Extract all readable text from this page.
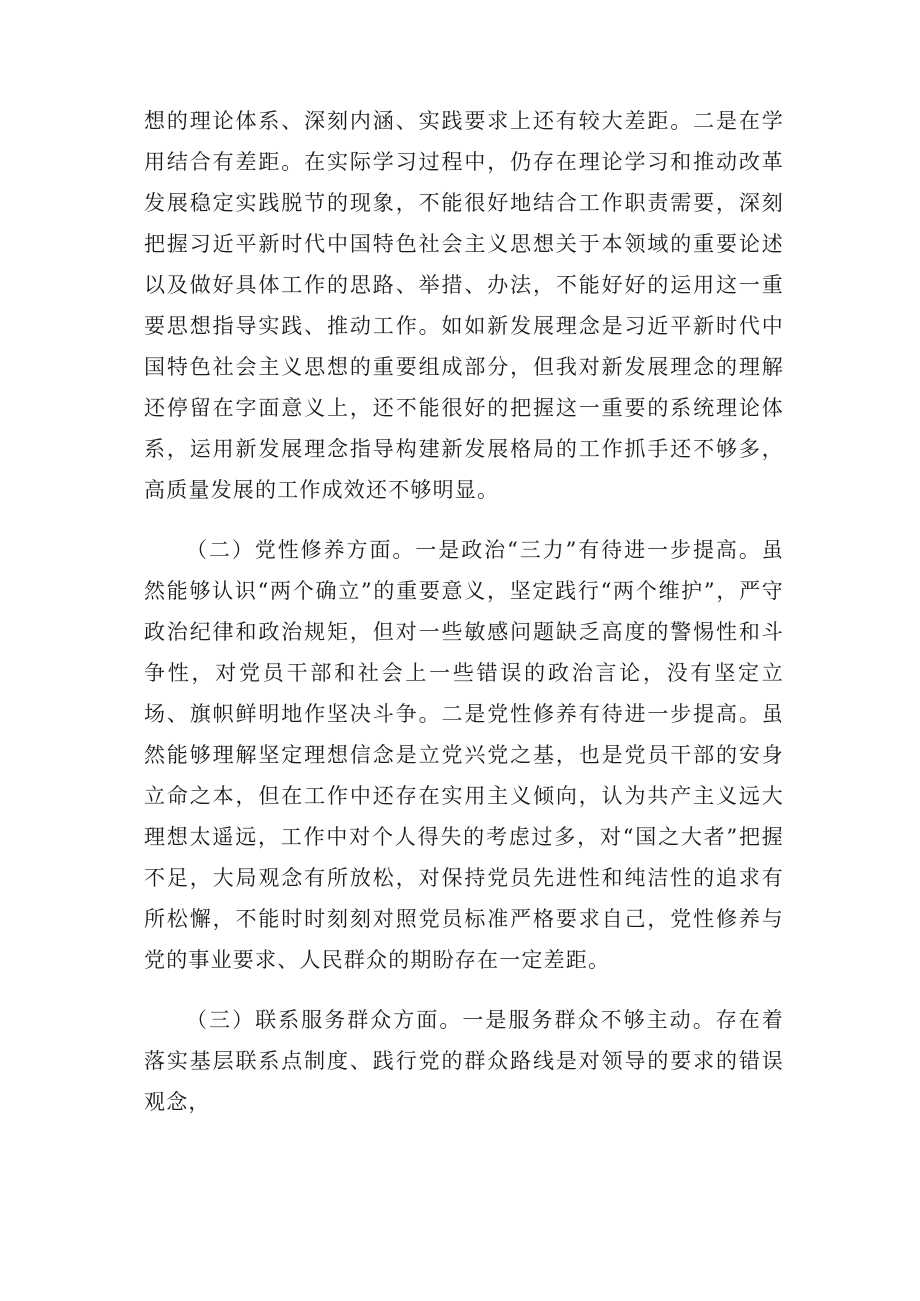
想的理论体系、深刻内涵、实践要求上还有较大差距。二是在学用结合有差距。在实际学习过程中，仍存在理论学习和推动改革发展稳定实践脱节的现象，不能很好地结合工作职责需要，深刻把握习近平新时代中国特色社会主义思想关于本领域的重要论述以及做好具体工作的思路、举措、办法，不能好好的运用这一重要思想指导实践、推动工作。如如新发展理念是习近平新时代中国特色社会主义思想的重要组成部分，但我对新发展理念的理解还停留在字面意义上，还不能很好的把握这一重要的系统理论体系，运用新发展理念指导构建新发展格局的工作抓手还不够多，高质量发展的工作成效还不够明显。

（二）党性修养方面。一是政治“三力”有待进一步提高。虽然能够认识“两个确立”的重要意义，坚定践行“两个维护”，严守政治纪律和政治规矩，但对一些敏感问题缺乏高度的警惕性和斗争性，对党员干部和社会上一些错误的政治言论，没有坚定立场、旗帜鲜明地作坚决斗争。二是党性修养有待进一步提高。虽然能够理解坚定理想信念是立党兴党之基，也是党员干部的安身立命之本，但在工作中还存在实用主义倾向，认为共产主义远大理想太遥远，工作中对个人得失的考虑过多，对“国之大者”把握不足，大局观念有所放松，对保持党员先进性和纯洁性的追求有所松懈，不能时时刻刻对照党员标准严格要求自己，党性修养与党的事业要求、人民群众的期盼存在一定差距。

（三）联系服务群众方面。一是服务群众不够主动。存在着落实基层联系点制度、践行党的群众路线是对领导的要求的错误观念，
